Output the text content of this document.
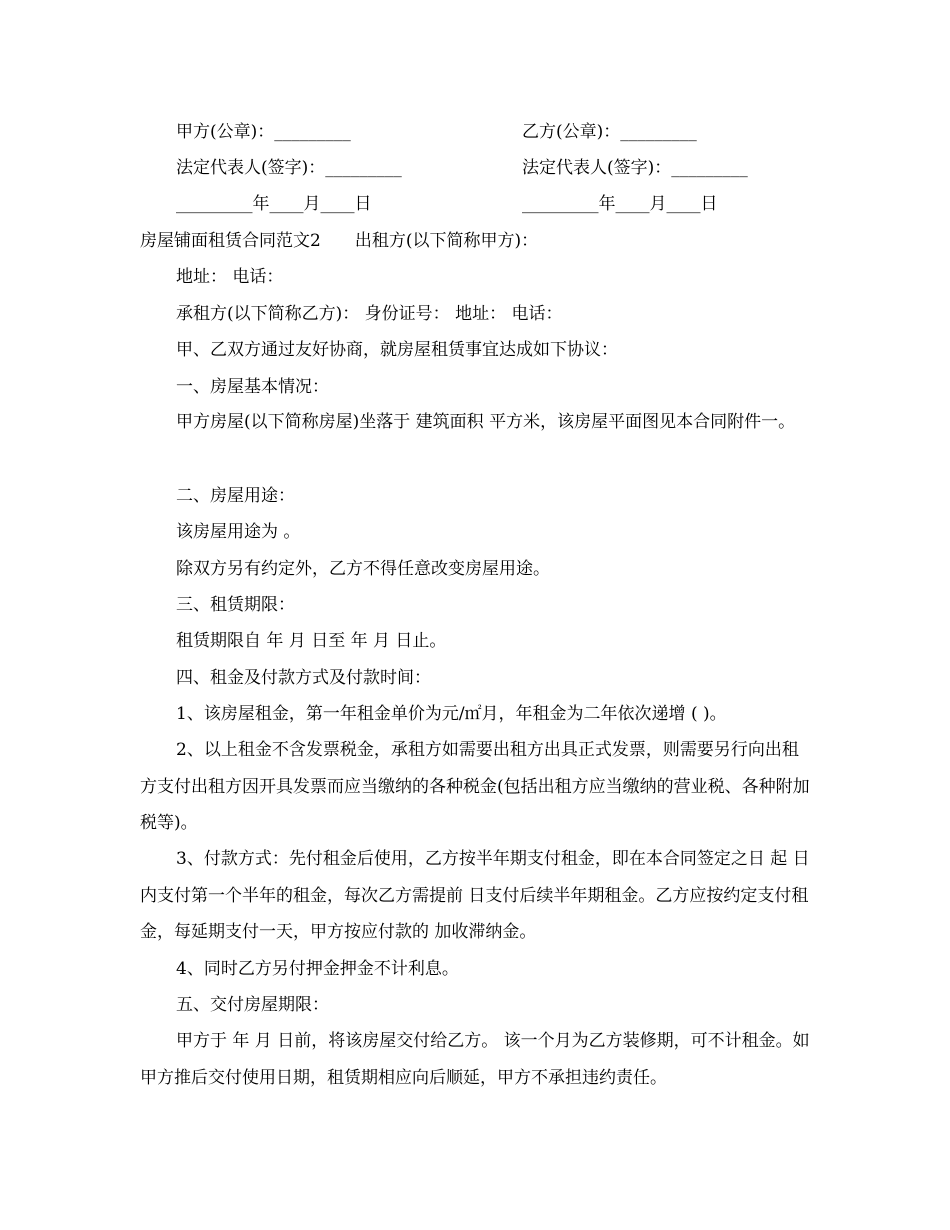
甲方(公章)：_________	乙方(公章)：_________
法定代表人(签字)：_________	法定代表人(签字)：_________
_________年____月____日	_________年____月____日
房屋铺面租赁合同范文2　　出租方(以下简称甲方)：
地址： 电话：
承租方(以下简称乙方)： 身份证号： 地址： 电话：
甲、乙双方通过友好协商，就房屋租赁事宜达成如下协议：
一、房屋基本情况：
甲方房屋(以下简称房屋)坐落于 建筑面积 平方米，该房屋平面图见本合同附件一。
二、房屋用途：
该房屋用途为 。
除双方另有约定外，乙方不得任意改变房屋用途。
三、租赁期限：
租赁期限自 年 月 日至 年 月 日止。
四、租金及付款方式及付款时间：
1、该房屋租金，第一年租金单价为元/㎡月，年租金为二年依次递增 ( )。
2、以上租金不含发票税金，承租方如需要出租方出具正式发票，则需要另行向出租方支付出租方因开具发票而应当缴纳的各种税金(包括出租方应当缴纳的营业税、各种附加税等)。
3、付款方式：先付租金后使用，乙方按半年期支付租金，即在本合同签定之日 起 日内支付第一个半年的租金，每次乙方需提前 日支付后续半年期租金。乙方应按约定支付租金，每延期支付一天，甲方按应付款的 加收滞纳金。
4、同时乙方另付押金押金不计利息。
五、交付房屋期限：
甲方于 年 月 日前，将该房屋交付给乙方。 该一个月为乙方装修期，可不计租金。如甲方推后交付使用日期，租赁期相应向后顺延，甲方不承担违约责任。
